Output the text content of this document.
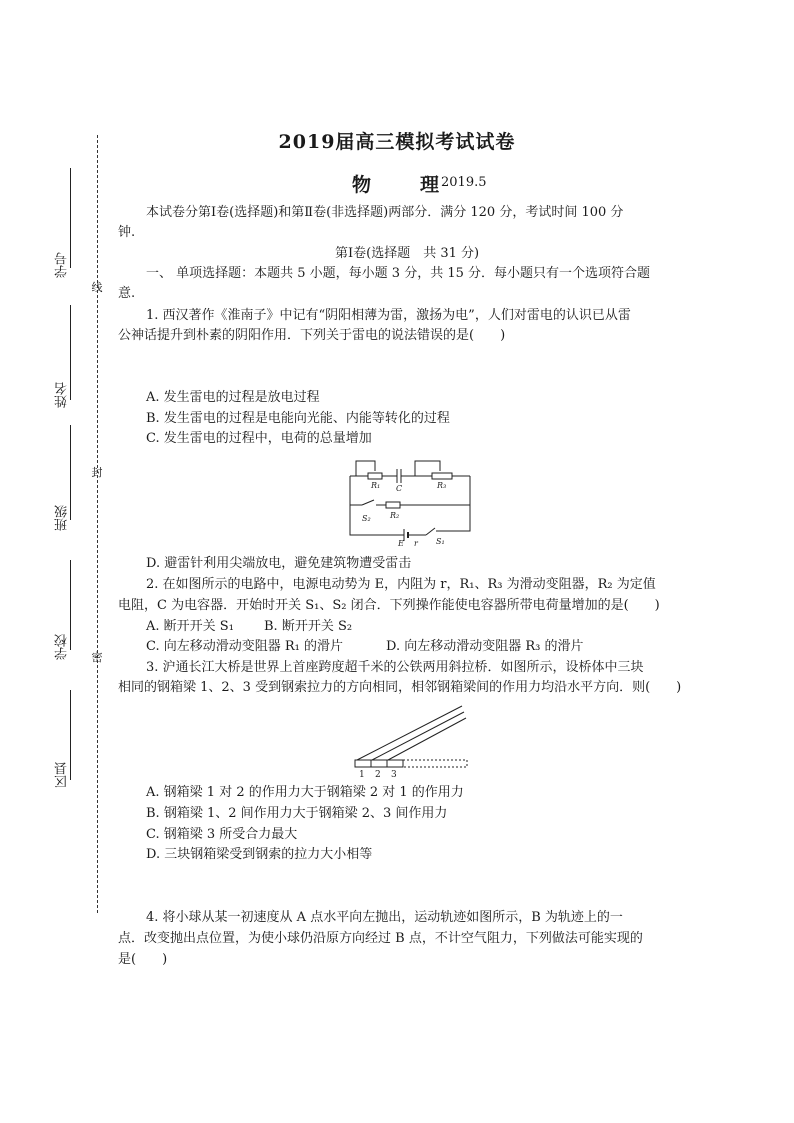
学号
姓名
班级
学校
区县
线
封
密
2019届高三模拟考试试卷
物	理 2019.5
本试卷分第Ⅰ卷(选择题)和第Ⅱ卷(非选择题)两部分．满分 120 分，考试时间 100 分
钟.
第Ⅰ卷(选择题　共 31 分)
一、 单项选择题：本题共 5 小题，每小题 3 分，共 15 分．每小题只有一个选项符合题
意.
1. 西汉著作《淮南子》中记有“阴阳相薄为雷，激扬为电”，人们对雷电的认识已从雷
公神话提升到朴素的阴阳作用．下列关于雷电的说法错误的是(　　)
A. 发生雷电的过程是放电过程
B. 发生雷电的过程是电能向光能、内能等转化的过程
C. 发生雷电的过程中，电荷的总量增加
R₁ C	R₃
S₂ R₂
E r S₁
D. 避雷针利用尖端放电，避免建筑物遭受雷击
2. 在如图所示的电路中，电源电动势为 E，内阻为 r，R₁、R₃ 为滑动变阻器，R₂ 为定值
电阻，C 为电容器．开始时开关 S₁、S₂ 闭合．下列操作能使电容器所带电荷量增加的是(　　)
A. 断开开关 S₁ B. 断开开关 S₂
C. 向左移动滑动变阻器 R₁ 的滑片	D. 向左移动滑动变阻器 R₃ 的滑片
3. 沪通长江大桥是世界上首座跨度超千米的公铁两用斜拉桥．如图所示，设桥体中三块
相同的钢箱梁 1、2、3 受到钢索拉力的方向相同，相邻钢箱梁间的作用力均沿水平方向．则(　　)
1 2 3
A. 钢箱梁 1 对 2 的作用力大于钢箱梁 2 对 1 的作用力
B. 钢箱梁 1、2 间作用力大于钢箱梁 2、3 间作用力
C. 钢箱梁 3 所受合力最大
D. 三块钢箱梁受到钢索的拉力大小相等
4. 将小球从某一初速度从 A 点水平向左抛出，运动轨迹如图所示，B 为轨迹上的一
点．改变抛出点位置，为使小球仍沿原方向经过 B 点，不计空气阻力，下列做法可能实现的
是(　　)
